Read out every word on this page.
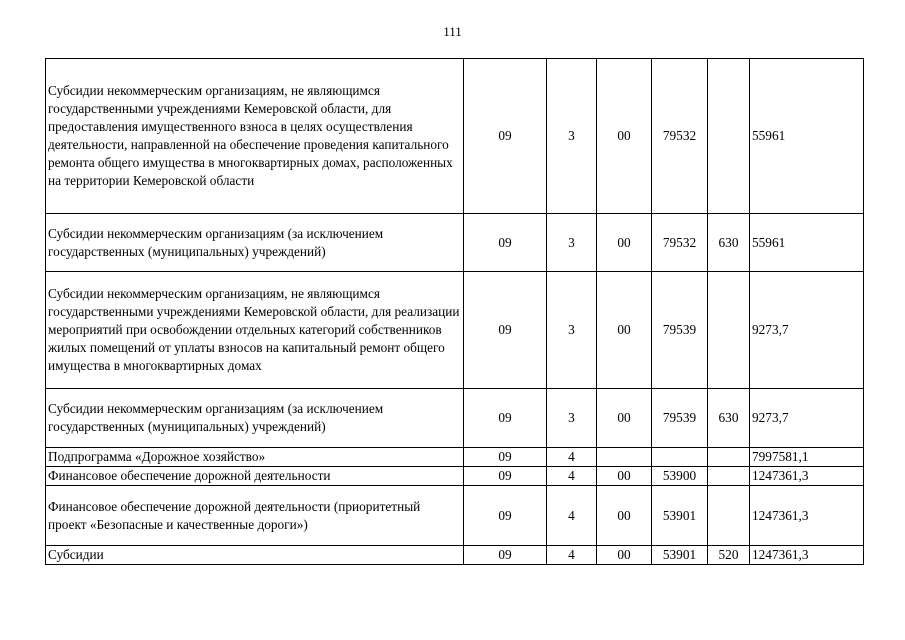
111
Субсидии некоммерческим организациям, не являющимся государственными учреждениями Кемеровской области, для предоставления имущественного взноса в целях осуществления деятельности, направленной на обеспечение проведения капитального ремонта общего имущества в многоквартирных домах, расположенных на территории Кемеровской области	09	3	00	79532		55961
Субсидии некоммерческим организациям (за исключением государственных (муниципальных) учреждений)	09	3	00	79532	630	55961
Субсидии некоммерческим организациям, не являющимся государственными учреждениями Кемеровской области, для реализации мероприятий при освобождении отдельных категорий собственников жилых помещений от уплаты взносов на капитальный ремонт общего имущества в многоквартирных домах	09	3	00	79539		9273,7
Субсидии некоммерческим организациям (за исключением государственных (муниципальных) учреждений)	09	3	00	79539	630	9273,7
Подпрограмма «Дорожное хозяйство»	09	4				7997581,1
Финансовое обеспечение дорожной деятельности	09	4	00	53900		1247361,3
Финансовое обеспечение дорожной деятельности (приоритетный проект «Безопасные и качественные дороги»)	09	4	00	53901		1247361,3
Субсидии	09	4	00	53901	520	1247361,3
